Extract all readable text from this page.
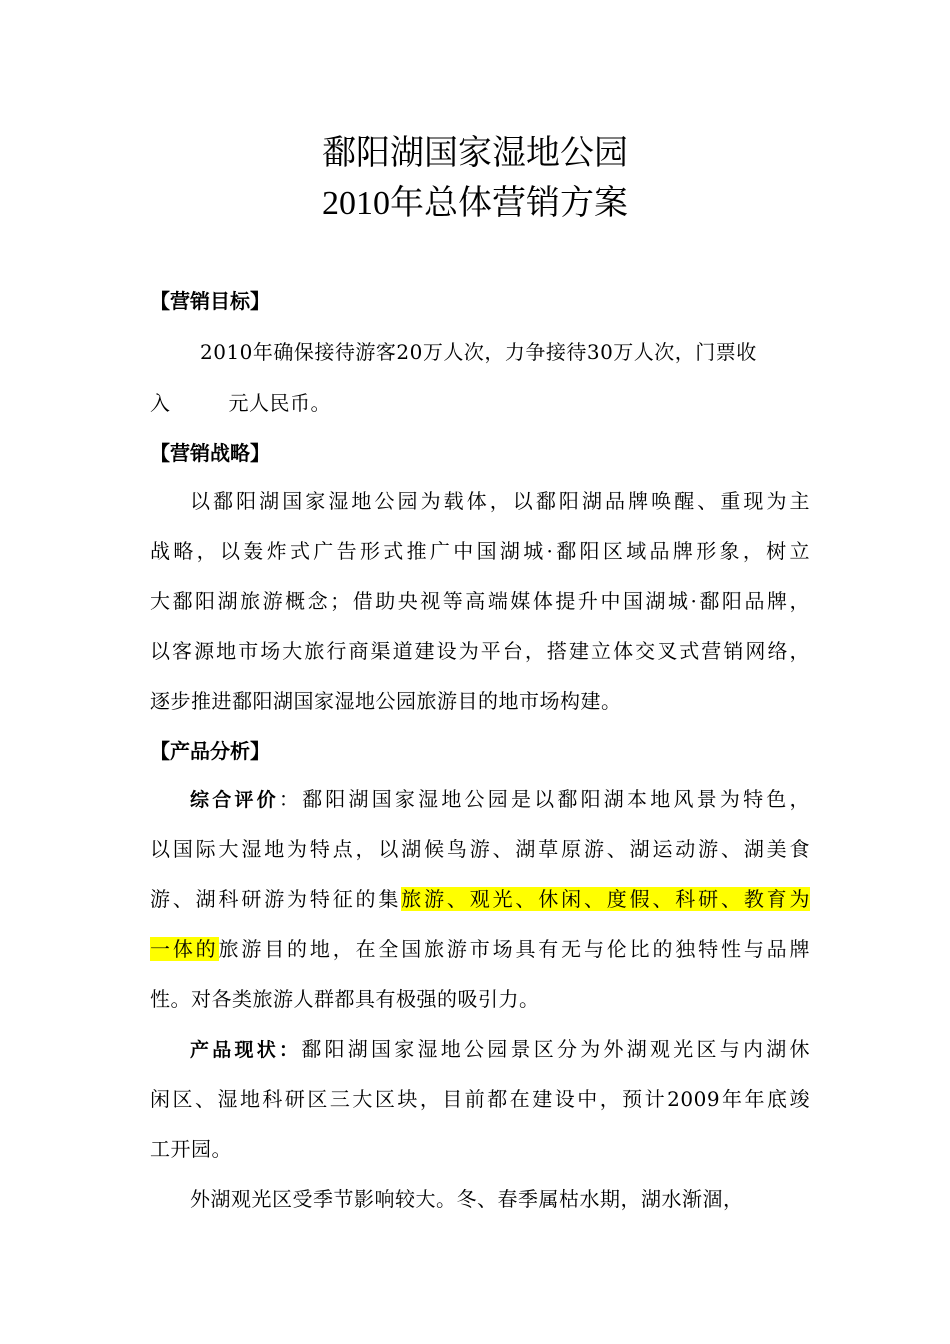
鄱阳湖国家湿地公园
2010年总体营销方案
【营销目标】
2010年确保接待游客20万人次，力争接待30万人次，门票收
入	元人民币。
【营销战略】
以鄱阳湖国家湿地公园为载体，以鄱阳湖品牌唤醒、重现为主
战略，以轰炸式广告形式推广中国湖城·鄱阳区域品牌形象，树立
大鄱阳湖旅游概念；借助央视等高端媒体提升中国湖城·鄱阳品牌，
以客源地市场大旅行商渠道建设为平台，搭建立体交叉式营销网络，
逐步推进鄱阳湖国家湿地公园旅游目的地市场构建。
【产品分析】
综合评价：鄱阳湖国家湿地公园是以鄱阳湖本地风景为特色，
以国际大湿地为特点，以湖候鸟游、湖草原游、湖运动游、湖美食
游、湖科研游为特征的集旅游、观光、休闲、度假、科研、教育为
一体的旅游目的地，在全国旅游市场具有无与伦比的独特性与品牌
性。对各类旅游人群都具有极强的吸引力。
产品现状：鄱阳湖国家湿地公园景区分为外湖观光区与内湖休
闲区、湿地科研区三大区块，目前都在建设中，预计2009年年底竣
工开园。
外湖观光区受季节影响较大。冬、春季属枯水期，湖水渐涸，
